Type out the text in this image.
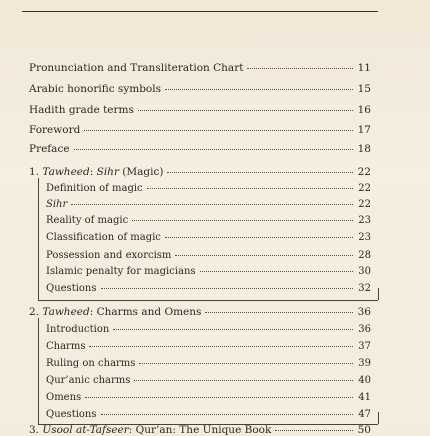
Pronunciation and Transliteration Chart	11
Arabic honorific symbols	15
Hadith grade terms	16
Foreword	17
Preface	18
1. Tawheed: Sihr (Magic)	22
Definition of magic	22
Sihr	22
Reality of magic	23
Classification of magic	23
Possession and exorcism	28
Islamic penalty for magicians	30
Questions	32
2. Tawheed: Charms and Omens	36
Introduction	36
Charms	37
Ruling on charms	39
Qur’anic charms	40
Omens	41
Questions	47
3. Usool at-Tafseer: Qur’an: The Unique Book	50
